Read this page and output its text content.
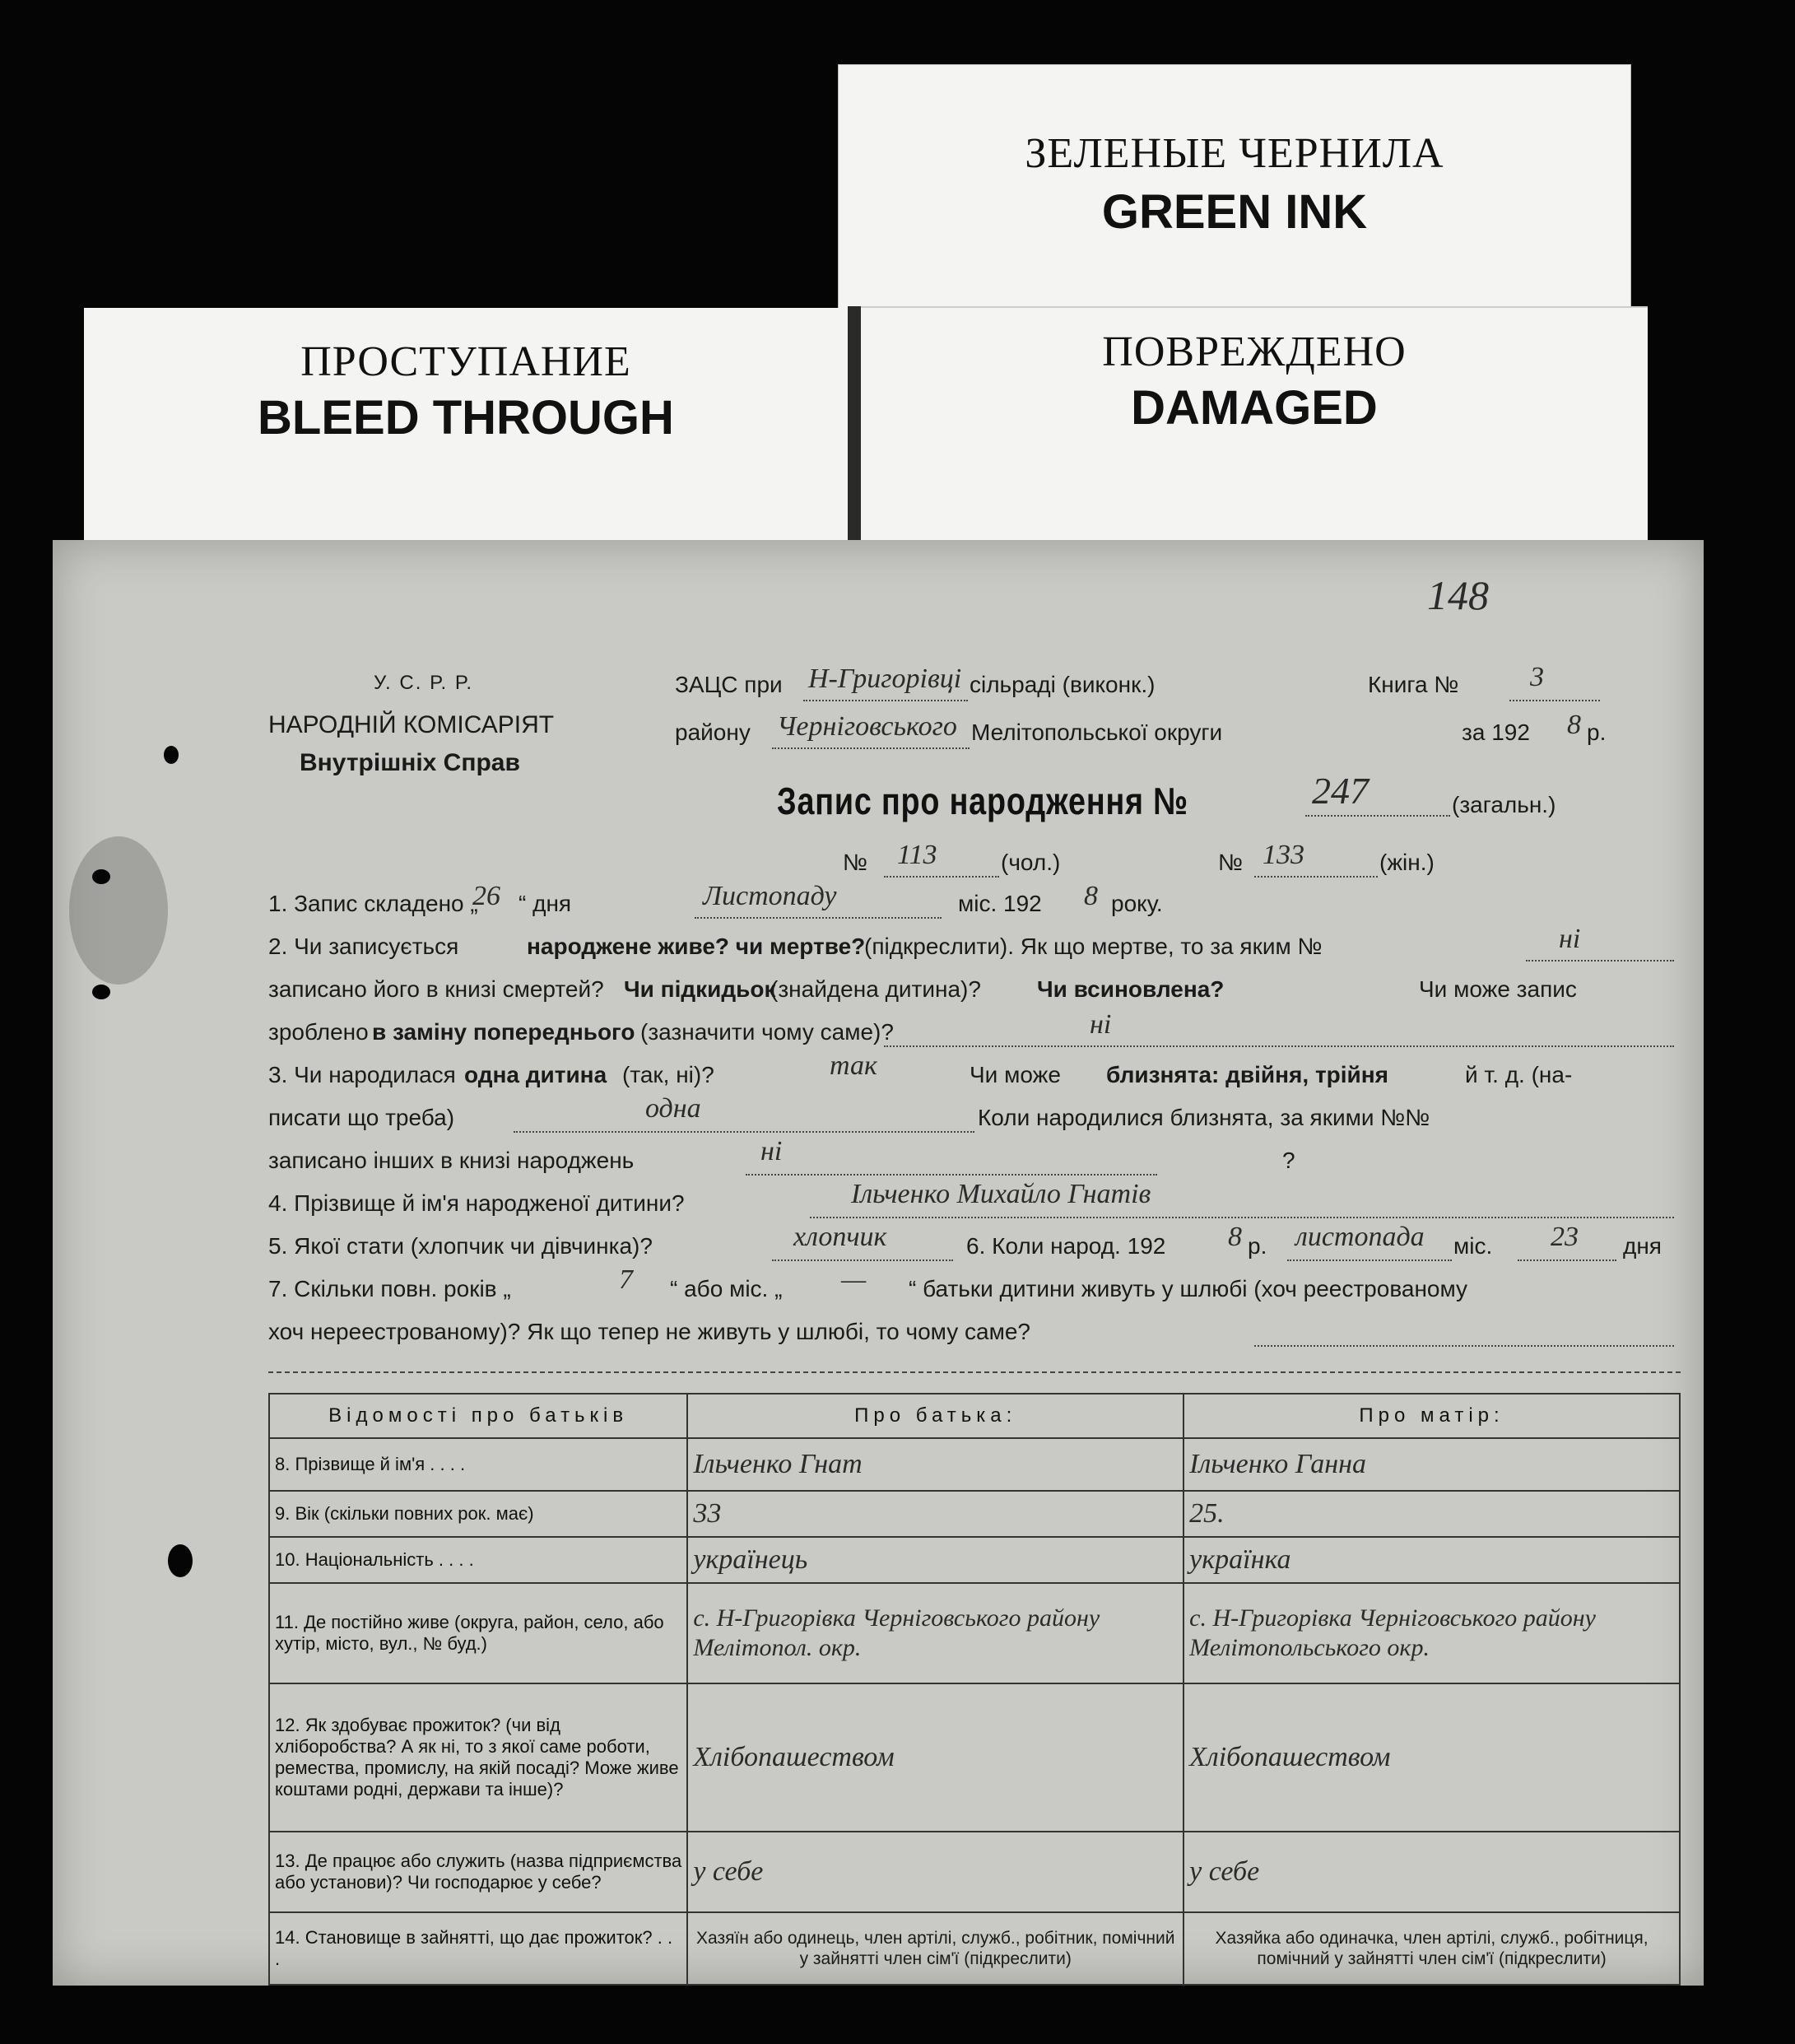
ЗЕЛЕНЫЕ ЧЕРНИЛА
GREEN INK
ПРОСТУПАНИЕ
BLEED THROUGH
ПОВРЕЖДЕНО
DAMAGED
148
У. С. Р. Р.
НАРОДНІЙ КОМІСАРІЯТ
Внутрішніх Справ
ЗАЦС при Н-Григорівці сільраді (виконк.)	Книга №	3
району Черніговського Мелітопольської округи	за 192 8 р.
Запис про народження №	247	(загальн.)
№ 113	(чол.)	№ 133	(жін.)
1. Запис складено „
26 “ дня	Листопаду	міс. 192 8 року.
2. Чи записується	народжене живе? чи мертве?
(підкреслити). Як що мертве, то за яким №	ні
записано його в книзі смертей? Чи підкидьок
(знайдена дитина)? Чи всиновлена?	Чи може запис
зроблено в заміну попереднього (зазначити чому саме)?	ні
3. Чи народилася одна дитина (так, ні)?	так	Чи може близнята: двійня, трійня	й т. д. (на-
писати що треба)	одна	Коли народилися близнята, за якими №№
записано інших в книзі народжень	ні	?
4. Прізвище й ім'я народженої дитини?	Ільченко Михайло Гнатів
5. Якої стати (хлопчик чи дівчинка)?	хлопчик	6. Коли народ. 192 8 р. листопада міс. 23 дня
7. Скільки повн. років „	7 “ або міс. „ — “ батьки дитини живуть у шлюбі (хоч реестрованому
хоч нереестрованому)? Як що тепер не живуть у шлюбі, то чому саме?
Відомості про батьків	Про батька:	Про матір:
8. Прізвище й ім'я . . . .	Ільченко Гнат	Ільченко Ганна
9. Вік (скільки повних рок. має)	33	25.
10. Національність . . . .	українець	українка
11. Де постійно живе (округа, район, село, або хутір, місто, вул., № буд.)	с. Н-Григорівка Черніговського району Мелітопол. окр.	с. Н-Григорівка Черніговського району Мелітопольського окр.
12. Як здобуває прожиток? (чи від хліборобства? А як ні, то з якої саме роботи, ремества, промислу, на якій посаді? Може живе коштами родні, держави та інше)?	Хлібопашеством	Хлібопашеством
13. Де працює або служить (назва підприємства або установи)? Чи господарює у себе?	у себе	у себе
14. Становище в зайнятті, що дає прожиток? . . .	Хазяїн або одинець, член артілі, служб., робітник, помічний у зайнятті член сім'ї (підкреслити)	Хазяйка або одиначка, член артілі, служб., робітниця, помічний у зайнятті член сім'ї (підкреслити)
